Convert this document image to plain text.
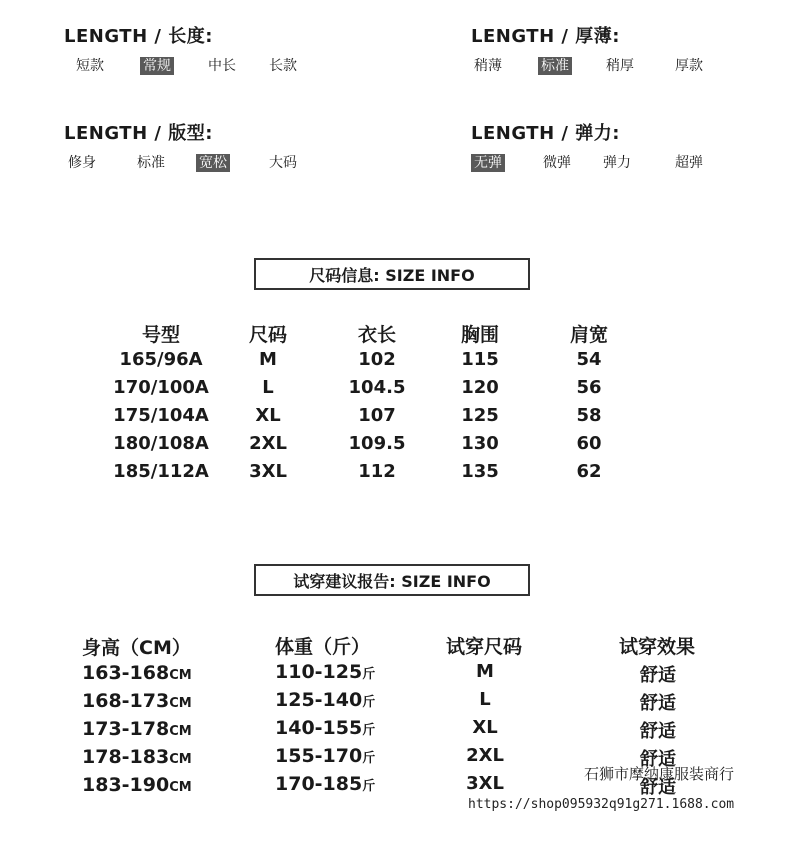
LENGTH / 长度:
短款	常规	中长 长款
LENGTH / 厚薄:
稍薄	标准	稍厚	厚款
LENGTH / 版型:
修身	标准 宽松	大码
LENGTH / 弹力:
无弹	微弹 弹力	超弹
尺码信息: SIZE INFO
号型	尺码	衣长	胸围	肩宽
165/96A	M	102	115	54
170/100A	L	104.5	120	56
175/104A	XL	107	125	58
180/108A 2XL	109.5	130	60
185/112A 3XL	112	135	62
试穿建议报告: SIZE INFO
身高（CM）	体重（斤）	试穿尺码	试穿效果
163-168CM	110-125斤	M	舒适
168-173CM	125-140斤	L	舒适
173-178CM	140-155斤	XL	舒适
178-183CM	155-170斤	2XL	舒适
183-190CM	170-185斤	3XL	舒适
石狮市摩纳康服装商行
https://shop095932q91g271.1688.com
